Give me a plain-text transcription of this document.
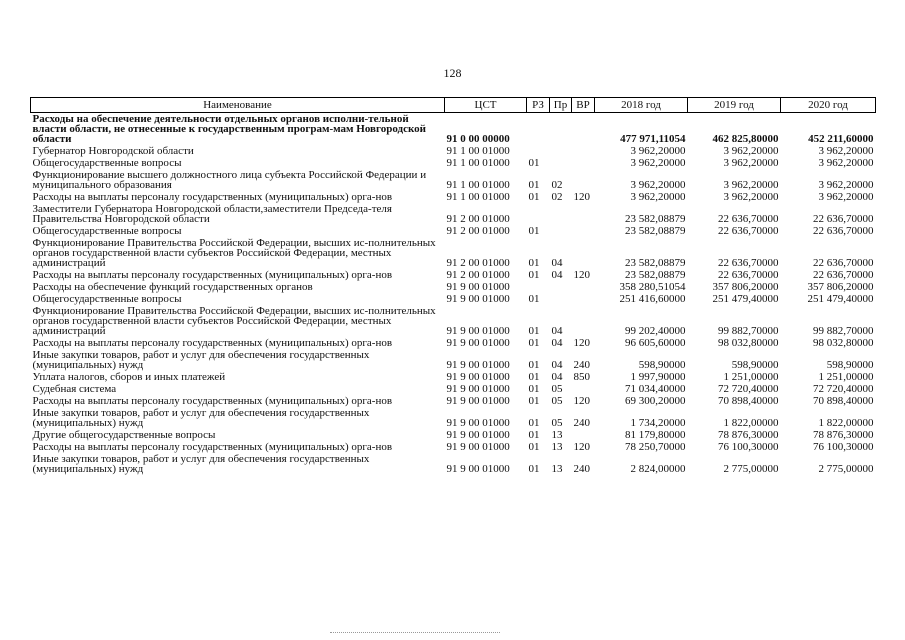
128
Наименование	ЦСТ	РЗ	Пр	ВР	2018 год	2019 год	2020 год
Расходы на обеспечение деятельности отдельных органов исполни-тельной власти области, не отнесенные к государственным програм-мам Новгородской области	91 0 00 00000				477 971,11054	462 825,80000	452 211,60000
Губернатор Новгородской области	91 1 00 01000				3 962,20000	3 962,20000	3 962,20000
Общегосударственные вопросы	91 1 00 01000	01			3 962,20000	3 962,20000	3 962,20000
Функционирование высшего должностного лица субъекта Российской Федерации и муниципального образования	91 1 00 01000	01	02		3 962,20000	3 962,20000	3 962,20000
Расходы на выплаты персоналу государственных (муниципальных) орга-нов	91 1 00 01000	01	02	120	3 962,20000	3 962,20000	3 962,20000
Заместители Губернатора Новгородской области,заместители Председа-теля Правительства Новгородской области	91 2 00 01000				23 582,08879	22 636,70000	22 636,70000
Общегосударственные вопросы	91 2 00 01000	01			23 582,08879	22 636,70000	22 636,70000
Функционирование Правительства Российской Федерации, высших ис-полнительных органов государственной власти субъектов Российской Федерации, местных администраций	91 2 00 01000	01	04		23 582,08879	22 636,70000	22 636,70000
Расходы на выплаты персоналу государственных (муниципальных) орга-нов	91 2 00 01000	01	04	120	23 582,08879	22 636,70000	22 636,70000
Расходы на обеспечение функций государственных органов	91 9 00 01000				358 280,51054	357 806,20000	357 806,20000
Общегосударственные вопросы	91 9 00 01000	01			251 416,60000	251 479,40000	251 479,40000
Функционирование Правительства Российской Федерации, высших ис-полнительных органов государственной власти субъектов Российской Федерации, местных администраций	91 9 00 01000	01	04		99 202,40000	99 882,70000	99 882,70000
Расходы на выплаты персоналу государственных (муниципальных) орга-нов	91 9 00 01000	01	04	120	96 605,60000	98 032,80000	98 032,80000
Иные закупки товаров, работ и услуг для обеспечения государственных (муниципальных) нужд	91 9 00 01000	01	04	240	598,90000	598,90000	598,90000
Уплата налогов, сборов и иных платежей	91 9 00 01000	01	04	850	1 997,90000	1 251,00000	1 251,00000
Судебная система	91 9 00 01000	01	05		71 034,40000	72 720,40000	72 720,40000
Расходы на выплаты персоналу государственных (муниципальных) орга-нов	91 9 00 01000	01	05	120	69 300,20000	70 898,40000	70 898,40000
Иные закупки товаров, работ и услуг для обеспечения государственных (муниципальных) нужд	91 9 00 01000	01	05	240	1 734,20000	1 822,00000	1 822,00000
Другие общегосударственные вопросы	91 9 00 01000	01	13		81 179,80000	78 876,30000	78 876,30000
Расходы на выплаты персоналу государственных (муниципальных) орга-нов	91 9 00 01000	01	13	120	78 250,70000	76 100,30000	76 100,30000
Иные закупки товаров, работ и услуг для обеспечения государственных (муниципальных) нужд	91 9 00 01000	01	13	240	2 824,00000	2 775,00000	2 775,00000
